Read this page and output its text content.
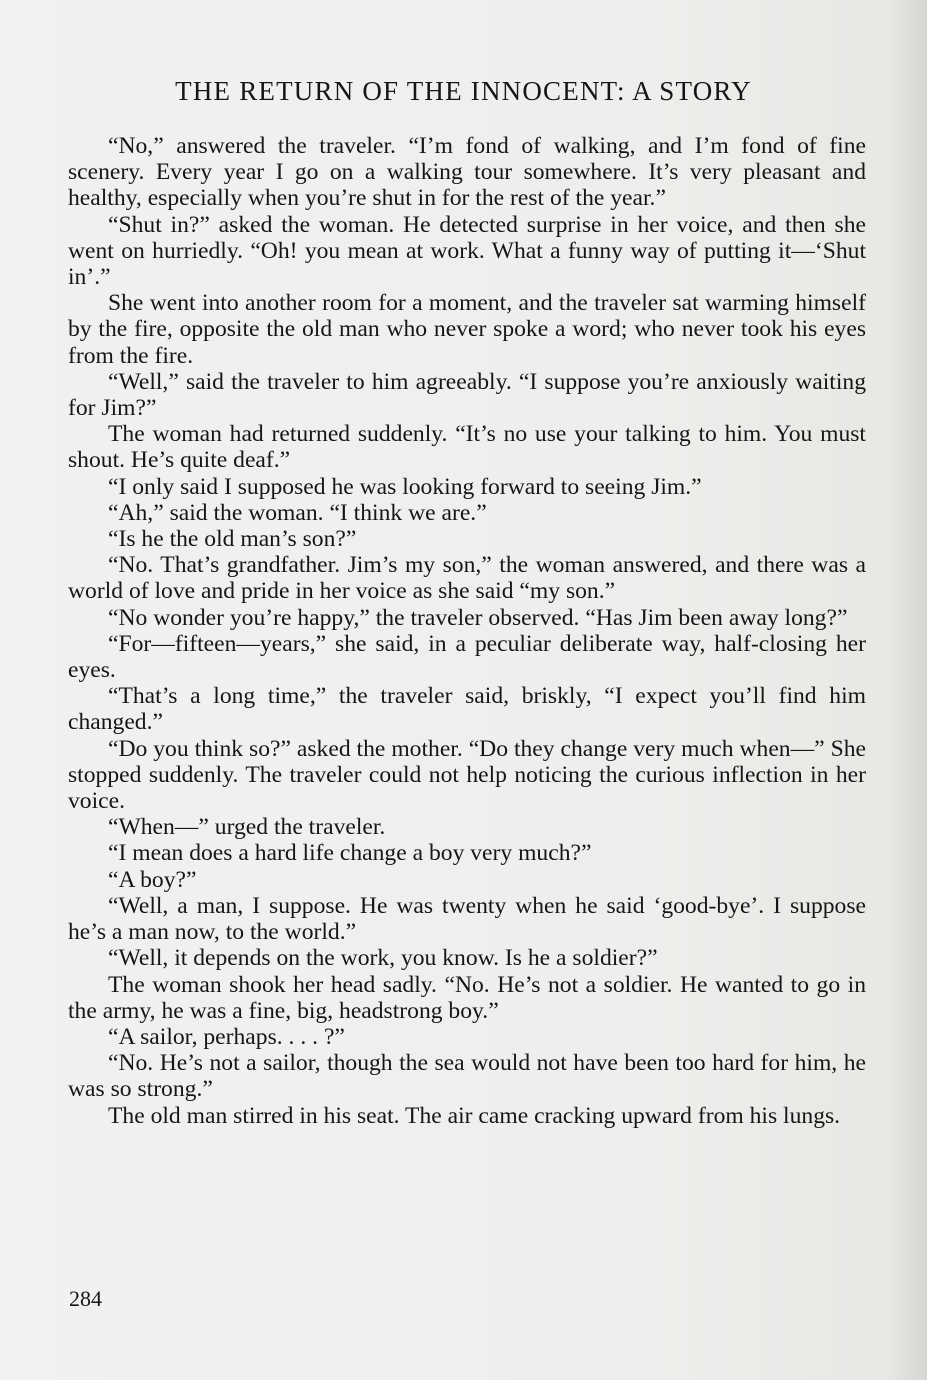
THE RETURN OF THE INNOCENT: A STORY

“No,” answered the traveler. “I’m fond of walking, and I’m fond of fine scenery. Every year I go on a walking tour somewhere. It’s very pleasant and healthy, especially when you’re shut in for the rest of the year.”

“Shut in?” asked the woman. He detected surprise in her voice, and then she went on hurriedly. “Oh! you mean at work. What a funny way of putting it—‘Shut in’.”

She went into another room for a moment, and the traveler sat warming himself by the fire, opposite the old man who never spoke a word; who never took his eyes from the fire.

“Well,” said the traveler to him agreeably. “I suppose you’re anxiously waiting for Jim?”

The woman had returned suddenly. “It’s no use your talking to him. You must shout. He’s quite deaf.”

“I only said I supposed he was looking forward to seeing Jim.”

“Ah,” said the woman. “I think we are.”

“Is he the old man’s son?”

“No. That’s grandfather. Jim’s my son,” the woman answered, and there was a world of love and pride in her voice as she said “my son.”

“No wonder you’re happy,” the traveler observed. “Has Jim been away long?”

“For—fifteen—years,” she said, in a peculiar deliberate way, half-closing her eyes.

“That’s a long time,” the traveler said, briskly, “I expect you’ll find him changed.”

“Do you think so?” asked the mother. “Do they change very much when—” She stopped suddenly. The traveler could not help noticing the curious inflection in her voice.

“When—” urged the traveler.

“I mean does a hard life change a boy very much?”

“A boy?”

“Well, a man, I suppose. He was twenty when he said ‘good-bye’. I suppose he’s a man now, to the world.”

“Well, it depends on the work, you know. Is he a soldier?”

The woman shook her head sadly. “No. He’s not a soldier. He wanted to go in the army, he was a fine, big, headstrong boy.”

“A sailor, perhaps. . . . ?”

“No. He’s not a sailor, though the sea would not have been too hard for him, he was so strong.”

The old man stirred in his seat. The air came cracking upward from his lungs.

284
